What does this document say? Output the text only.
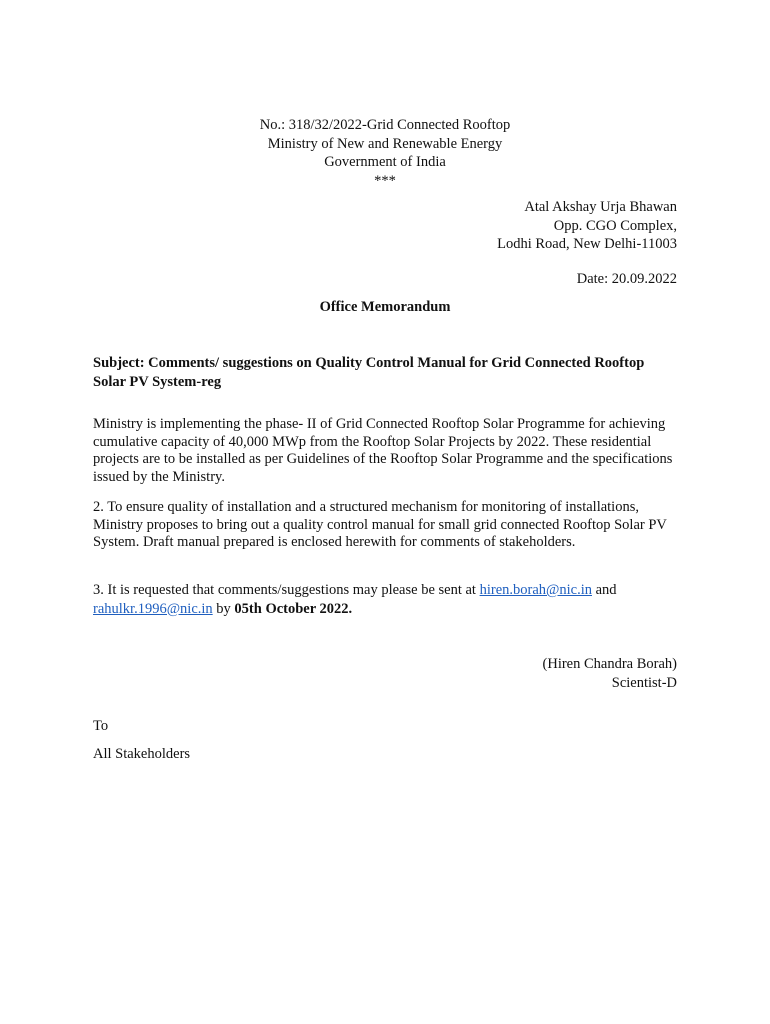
No.: 318/32/2022-Grid Connected Rooftop
Ministry of New and Renewable Energy
Government of India
***
Atal Akshay Urja Bhawan
Opp. CGO Complex,
Lodhi Road, New Delhi-11003
Date: 20.09.2022
Office Memorandum
Subject: Comments/ suggestions on Quality Control Manual for Grid Connected Rooftop Solar PV System-reg
Ministry is implementing the phase- II of Grid Connected Rooftop Solar Programme for achieving cumulative capacity of 40,000 MWp from the Rooftop Solar Projects by 2022. These residential projects are to be installed as per Guidelines of the Rooftop Solar Programme and the specifications issued by the Ministry.
2. To ensure quality of installation and a structured mechanism for monitoring of installations, Ministry proposes to bring out a quality control manual for small grid connected Rooftop Solar PV System. Draft manual prepared is enclosed herewith for comments of stakeholders.
3. It is requested that comments/suggestions may please be sent at hiren.borah@nic.in and rahulkr.1996@nic.in by 05th October 2022.
(Hiren Chandra Borah)
Scientist-D
To
All Stakeholders
